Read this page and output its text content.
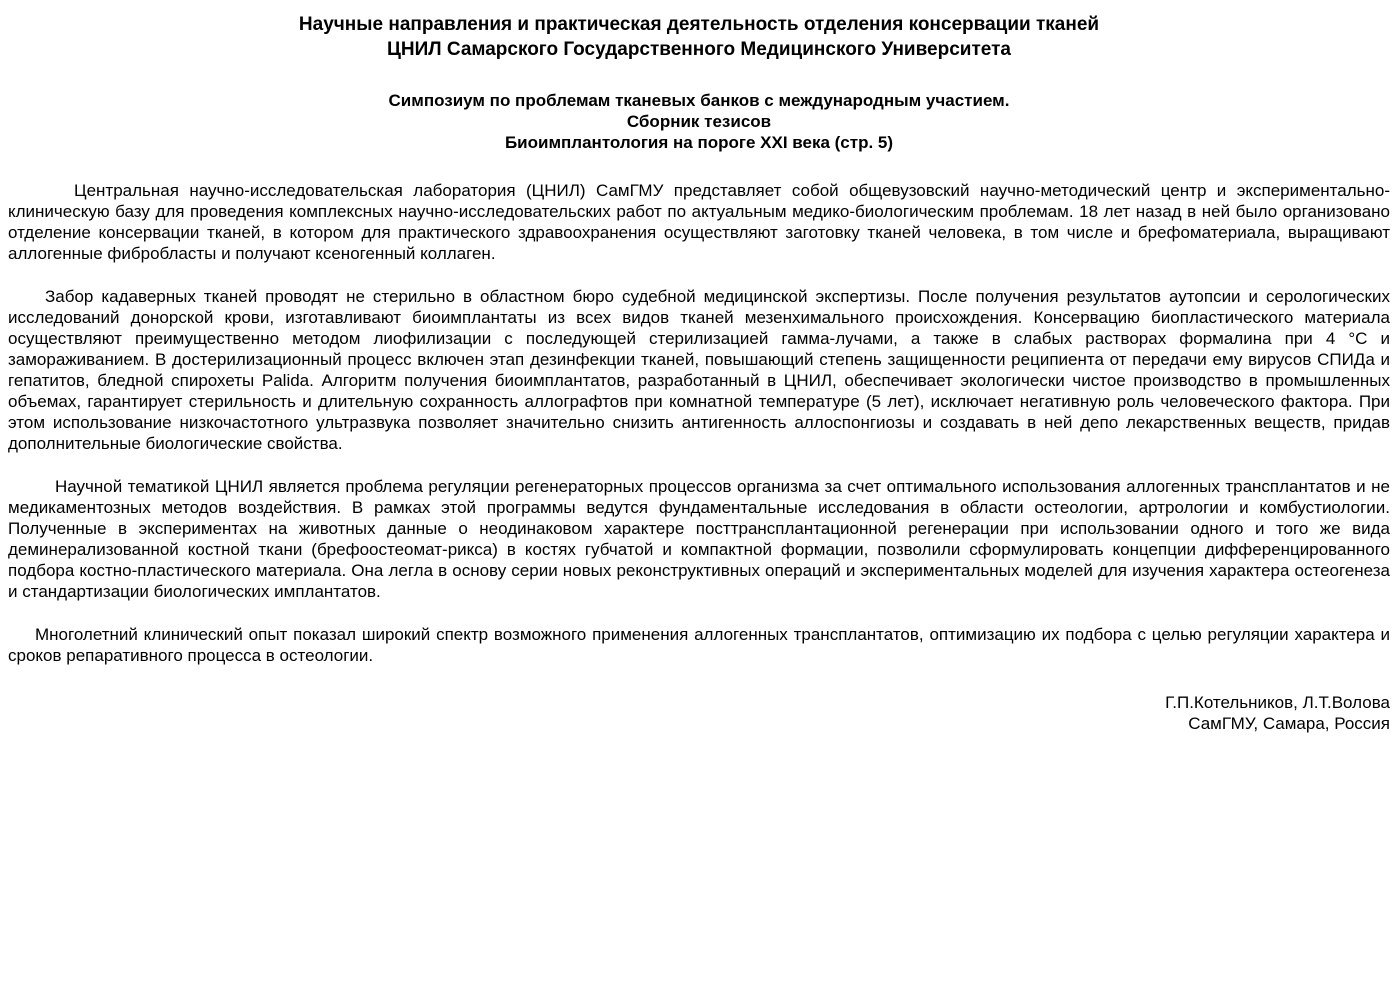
Научные направления и практическая деятельность отделения консервации тканей
ЦНИЛ Самарского Государственного Медицинского Университета
Симпозиум по проблемам тканевых банков с международным участием.
Сборник тезисов
Биоимплантология на пороге XXI века (стр. 5)

Центральная научно-исследовательская лаборатория (ЦНИЛ) СамГМУ представляет собой общевузовский научно-методический центр и экспериментально-клиническую базу для проведения комплексных научно-исследовательских работ по актуальным медико-биологическим проблемам. 18 лет назад в ней было организовано отделение консервации тканей, в котором для практического здравоохранения осуществляют заготовку тканей человека, в том числе и брефоматериала, выращивают аллогенные фибробласты и получают ксеногенный коллаген.

Забор кадаверных тканей проводят не стерильно в областном бюро судебной медицинской экспертизы. После получения результатов аутопсии и серологических исследований донорской крови, изготавливают биоимплантаты из всех видов тканей мезенхимального происхождения. Консервацию биопластического материала осуществляют преимущественно методом лиофилизации с последующей стерилизацией гамма-лучами, а также в слабых растворах формалина при 4 °С и замораживанием. В достерилизационный процесс включен этап дезинфекции тканей, повышающий степень защищенности реципиента от передачи ему вирусов СПИДа и гепатитов, бледной спирохеты Palida. Алгоритм получения биоимплантатов, разработанный в ЦНИЛ, обеспечивает экологически чистое производство в промышленных объемах, гарантирует стерильность и длительную сохранность аллографтов при комнатной температуре (5 лет), исключает негативную роль человеческого фактора. При этом использование низкочастотного ультразвука позволяет значительно снизить антигенность аллоспонгиозы и создавать в ней депо лекарственных веществ, придав дополнительные биологические свойства.

Научной тематикой ЦНИЛ является проблема регуляции регенераторных процессов организма за счет оптимального использования аллогенных трансплантатов и не медикаментозных методов воздействия. В рамках этой программы ведутся фундаментальные исследования в области остеологии, артрологии и комбустиологии. Полученные в экспериментах на животных данные о неодинаковом характере посттрансплантационной регенерации при использовании одного и того же вида деминерализованной костной ткани (брефоостеомат-рикса) в костях губчатой и компактной формации, позволили сформулировать концепции дифференцированного подбора костно-пластического материала. Она легла в основу серии новых реконструктивных операций и экспериментальных моделей для изучения характера остеогенеза и стандартизации биологических имплантатов.

Многолетний клинический опыт показал широкий спектр возможного применения аллогенных трансплантатов, оптимизацию их подбора с целью регуляции характера и сроков репаративного процесса в остеологии.

Г.П.Котельников, Л.Т.Волова
СамГМУ, Самара, Россия
